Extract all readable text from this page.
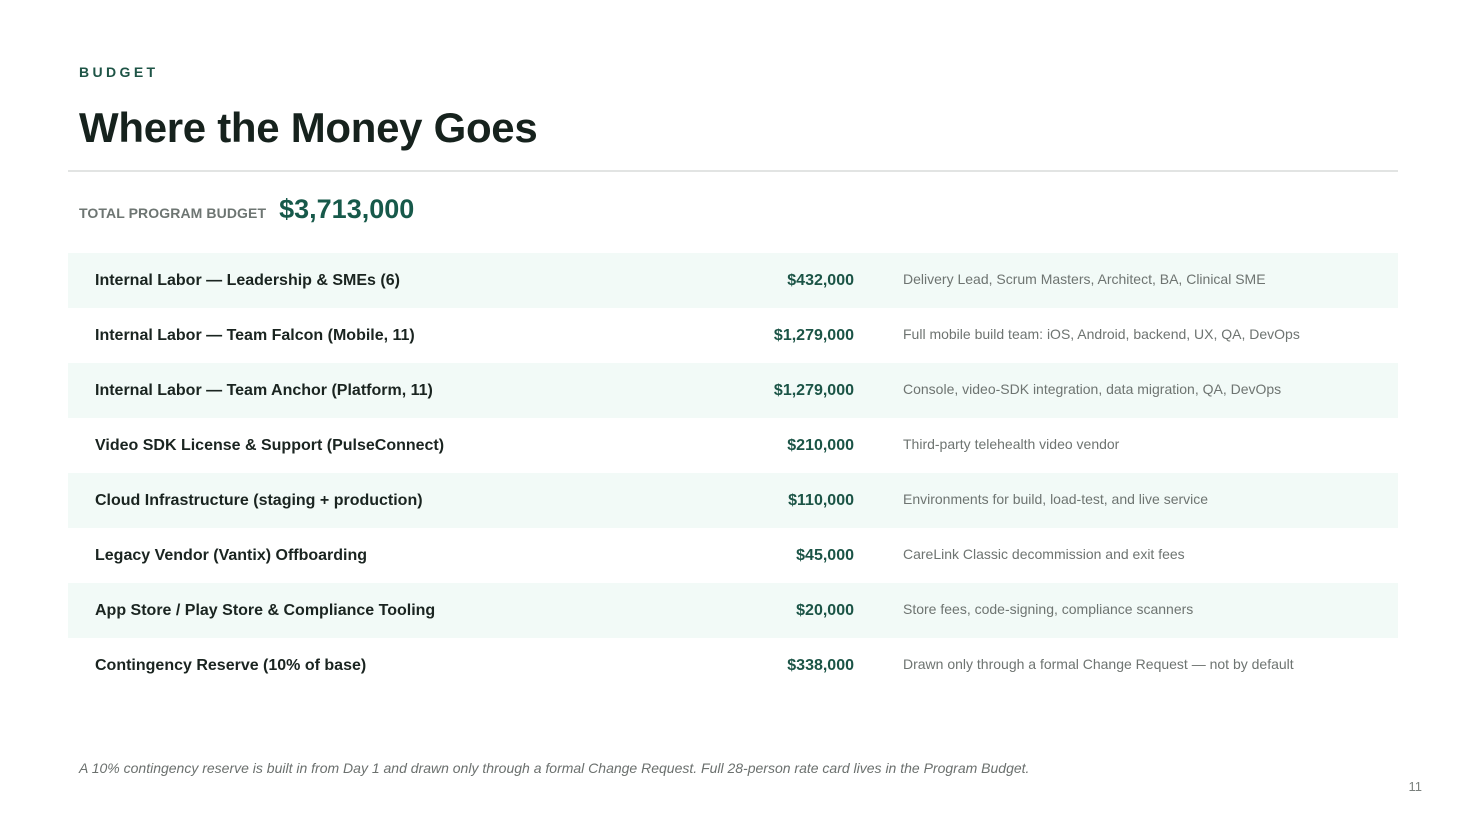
BUDGET
Where the Money Goes
TOTAL PROGRAM BUDGET $3,713,000
Internal Labor — Leadership & SMEs (6)	$432,000	Delivery Lead, Scrum Masters, Architect, BA, Clinical SME
Internal Labor — Team Falcon (Mobile, 11)	$1,279,000	Full mobile build team: iOS, Android, backend, UX, QA, DevOps
Internal Labor — Team Anchor (Platform, 11)	$1,279,000	Console, video-SDK integration, data migration, QA, DevOps
Video SDK License & Support (PulseConnect)	$210,000	Third-party telehealth video vendor
Cloud Infrastructure (staging + production)	$110,000	Environments for build, load-test, and live service
Legacy Vendor (Vantix) Offboarding	$45,000	CareLink Classic decommission and exit fees
App Store / Play Store & Compliance Tooling	$20,000	Store fees, code-signing, compliance scanners
Contingency Reserve (10% of base)	$338,000	Drawn only through a formal Change Request — not by default
A 10% contingency reserve is built in from Day 1 and drawn only through a formal Change Request. Full 28-person rate card lives in the Program Budget.
11
